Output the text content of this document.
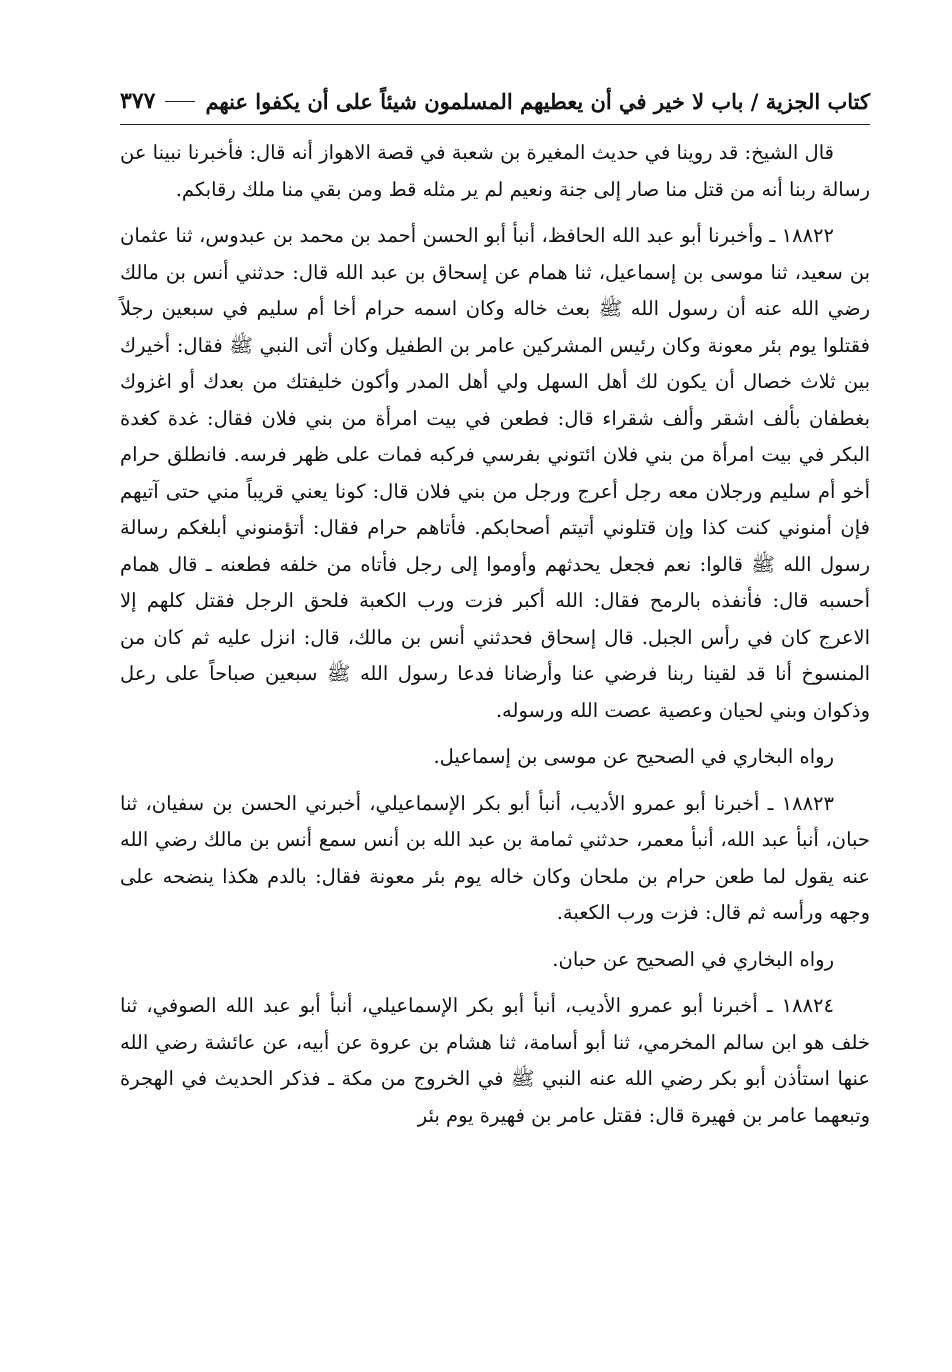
كتاب الجزية / باب لا خير في أن يعطيهم المسلمون شيئاً على أن يكفوا عنهم
٣٧٧

قال الشيخ: قد روينا في حديث المغيرة بن شعبة في قصة الاهواز أنه قال: فأخبرنا نبينا عن رسالة ربنا أنه من قتل منا صار إلى جنة ونعيم لم ير مثله قط ومن بقي منا ملك رقابكم.

١٨٨٢٢ ـ وأخبرنا أبو عبد الله الحافظ، أنبأ أبو الحسن أحمد بن محمد بن عبدوس، ثنا عثمان بن سعيد، ثنا موسى بن إسماعيل، ثنا همام عن إسحاق بن عبد الله قال: حدثني أنس بن مالك رضي الله عنه أن رسول الله ﷺ بعث خاله وكان اسمه حرام أخا أم سليم في سبعين رجلاً فقتلوا يوم بئر معونة وكان رئيس المشركين عامر بن الطفيل وكان أتى النبي ﷺ فقال: أخيرك بين ثلاث خصال أن يكون لك أهل السهل ولي أهل المدر وأكون خليفتك من بعدك أو اغزوك بغطفان بألف اشقر وألف شقراء قال: فطعن في بيت امرأة من بني فلان فقال: غدة كغدة البكر في بيت امرأة من بني فلان ائتوني بفرسي فركبه فمات على ظهر فرسه. فانطلق حرام أخو أم سليم ورجلان معه رجل أعرج ورجل من بني فلان قال: كونا يعني قريباً مني حتى آتيهم فإن أمنوني كنت كذا وإن قتلوني أتيتم أصحابكم. فأتاهم حرام فقال: أتؤمنوني أبلغكم رسالة رسول الله ﷺ قالوا: نعم فجعل يحدثهم وأوموا إلى رجل فأتاه من خلفه فطعنه ـ قال همام أحسبه قال: فأنفذه بالرمح فقال: الله أكبر فزت ورب الكعبة فلحق الرجل فقتل كلهم إلا الاعرج كان في رأس الجبل. قال إسحاق فحدثني أنس بن مالك، قال: انزل عليه ثم كان من المنسوخ أنا قد لقينا ربنا فرضي عنا وأرضانا فدعا رسول الله ﷺ سبعين صباحاً على رعل وذكوان وبني لحيان وعصية عصت الله ورسوله.

رواه البخاري في الصحيح عن موسى بن إسماعيل.

١٨٨٢٣ ـ أخبرنا أبو عمرو الأديب، أنبأ أبو بكر الإسماعيلي، أخبرني الحسن بن سفيان، ثنا حبان، أنبأ عبد الله، أنبأ معمر، حدثني ثمامة بن عبد الله بن أنس سمع أنس بن مالك رضي الله عنه يقول لما طعن حرام بن ملحان وكان خاله يوم بئر معونة فقال: بالدم هكذا ينضحه على وجهه ورأسه ثم قال: فزت ورب الكعبة.

رواه البخاري في الصحيح عن حبان.

١٨٨٢٤ ـ أخبرنا أبو عمرو الأديب، أنبأ أبو بكر الإسماعيلي، أنبأ أبو عبد الله الصوفي، ثنا خلف هو ابن سالم المخرمي، ثنا أبو أسامة، ثنا هشام بن عروة عن أبيه، عن عائشة رضي الله عنها استأذن أبو بكر رضي الله عنه النبي ﷺ في الخروج من مكة ـ فذكر الحديث في الهجرة وتبعهما عامر بن فهيرة قال: فقتل عامر بن فهيرة يوم بئر
